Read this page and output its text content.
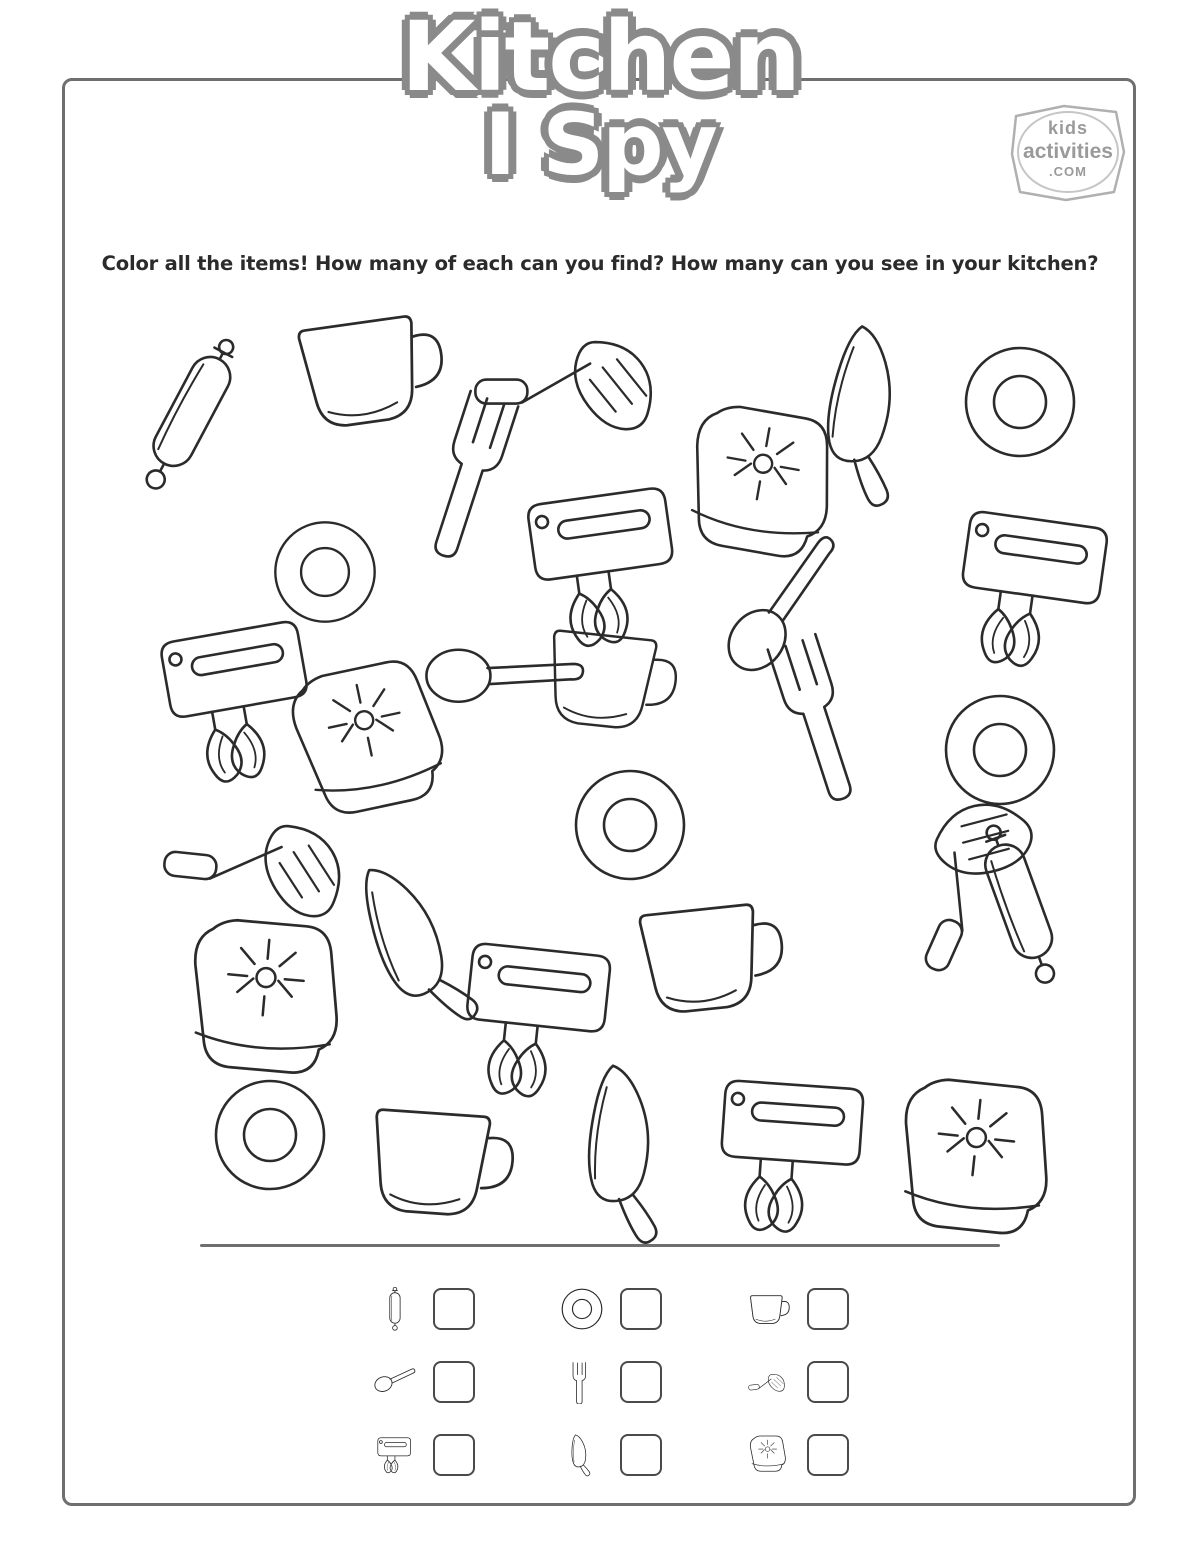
Kitchen
I Spy	kids
activities
.COM
Color all the items! How many of each can you find? How many can you see in your kitchen?
